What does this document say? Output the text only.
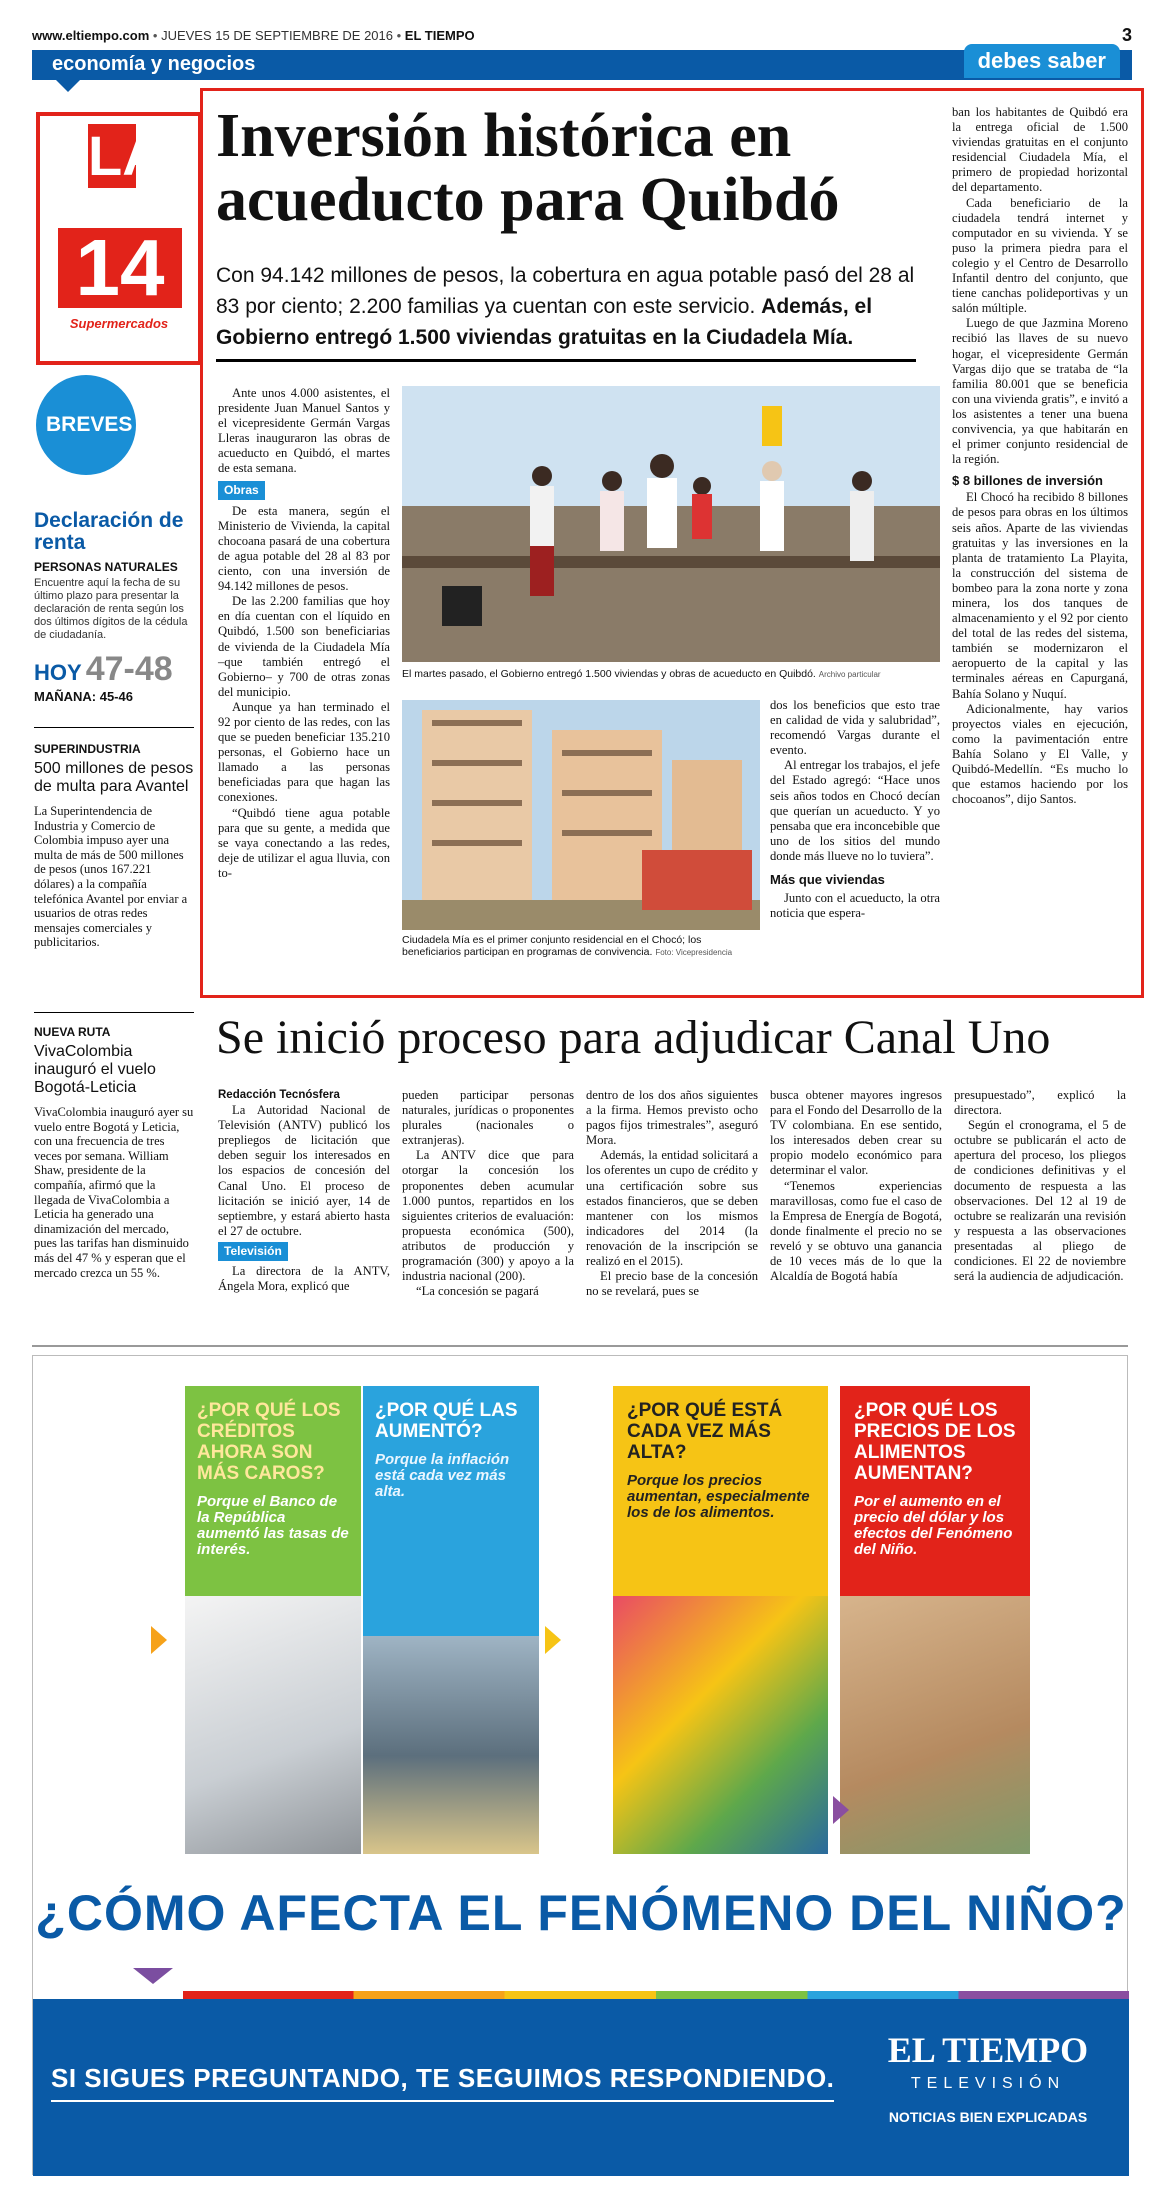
www.eltiempo.com • JUEVES 15 DE SEPTIEMBRE DE 2016 • EL TIEMPO	3
economía y negocios	debes saber
LA
14
Supermercados
BREVES
Declaración de renta
PERSONAS NATURALES
Encuentre aquí la fecha de su último plazo para presentar la declaración de renta según los dos últimos dígitos de la cédula de ciudadanía.
HOY 47-48
MAÑANA: 45-46
SUPERINDUSTRIA
500 millones de pesos de multa para Avantel
La Superintendencia de Industria y Comercio de Colombia impuso ayer una multa de más de 500 millones de pesos (unos 167.221 dólares) a la compañía telefónica Avantel por enviar a usuarios de otras redes mensajes comerciales y publicitarios.
NUEVA RUTA
VivaColombia inauguró el vuelo Bogotá-Leticia
VivaColombia inauguró ayer su vuelo entre Bogotá y Leticia, con una frecuencia de tres veces por semana. William Shaw, presidente de la compañía, afirmó que la llegada de VivaColombia a Leticia ha generado una dinamización del mercado, pues las tarifas han disminuido más del 47 % y esperan que el mercado crezca un 55 %.
Inversión histórica en acueducto para Quibdó
Con 94.142 millones de pesos, la cobertura en agua potable pasó del 28 al 83 por ciento; 2.200 familias ya cuentan con este servicio. Además, el Gobierno entregó 1.500 viviendas gratuitas en la Ciudadela Mía.

Ante unos 4.000 asistentes, el presidente Juan Manuel Santos y el vicepresidente Germán Vargas Lleras inauguraron las obras de acueducto en Quibdó, el martes de esta semana.

Obras

De esta manera, según el Ministerio de Vivienda, la capital chocoana pasará de una cobertura de agua potable del 28 al 83 por ciento, con una inversión de 94.142 millones de pesos.

De las 2.200 familias que hoy en día cuentan con el líquido en Quibdó, 1.500 son beneficiarias de vivienda de la Ciudadela Mía –que también entregó el Gobierno– y 700 de otras zonas del municipio.

Aunque ya han terminado el 92 por ciento de las redes, con las que se pueden beneficiar 135.210 personas, el Gobierno hace un llamado a las personas beneficiadas para que hagan las conexiones.

“Quibdó tiene agua potable para que su gente, a medida que se vaya conectando a las redes, deje de utilizar el agua lluvia, con to-

El martes pasado, el Gobierno entregó 1.500 viviendas y obras de acueducto en Quibdó. Archivo particular
Ciudadela Mía es el primer conjunto residencial en el Chocó; los beneficiarios participan en programas de convivencia. Foto: Vicepresidencia

dos los beneficios que esto trae en calidad de vida y salubridad”, recomendó Vargas durante el evento.

Al entregar los trabajos, el jefe del Estado agregó: “Hace unos seis años todos en Chocó decían que querían un acueducto. Y yo pensaba que era inconcebible que uno de los sitios del mundo donde más llueve no lo tuviera”.

Más que viviendas

Junto con el acueducto, la otra noticia que espera-

ban los habitantes de Quibdó era la entrega oficial de 1.500 viviendas gratuitas en el conjunto residencial Ciudadela Mía, el primero de propiedad horizontal del departamento.

Cada beneficiario de la ciudadela tendrá internet y computador en su vivienda. Y se puso la primera piedra para el colegio y el Centro de Desarrollo Infantil dentro del conjunto, que tiene canchas polideportivas y un salón múltiple.

Luego de que Jazmina Moreno recibió las llaves de su nuevo hogar, el vicepresidente Germán Vargas dijo que se trataba de “la familia 80.001 que se beneficia con una vivienda gratis”, e invitó a los asistentes a tener una buena convivencia, ya que habitarán en el primer conjunto residencial de la región.

$ 8 billones de inversión

El Chocó ha recibido 8 billones de pesos para obras en los últimos seis años. Aparte de las viviendas gratuitas y las inversiones en la planta de tratamiento La Playita, la construcción del sistema de bombeo para la zona norte y zona minera, los dos tanques de almacenamiento y el 92 por ciento del total de las redes del sistema, también se modernizaron el aeropuerto de la capital y las terminales aéreas en Capurganá, Bahía Solano y Nuquí.

Adicionalmente, hay varios proyectos viales en ejecución, como la pavimentación entre Bahía Solano y El Valle, y Quibdó-Medellín. “Es mucho lo que estamos haciendo por los chocoanos”, dijo Santos.

Se inició proceso para adjudicar Canal Uno
Redacción Tecnósfera

La Autoridad Nacional de Televisión (ANTV) publicó los prepliegos de licitación que deben seguir los interesados en los espacios de concesión del Canal Uno. El proceso de licitación se inició ayer, 14 de septiembre, y estará abierto hasta el 27 de octubre.

Televisión

La directora de la ANTV, Ángela Mora, explicó que

pueden participar personas naturales, jurídicas o proponentes plurales (nacionales o extranjeras).

La ANTV dice que para otorgar la concesión los proponentes deben acumular 1.000 puntos, repartidos en los siguientes criterios de evaluación: propuesta económica (500), atributos de producción y programación (300) y apoyo a la industria nacional (200).

“La concesión se pagará

dentro de los dos años siguientes a la firma. Hemos previsto ocho pagos fijos trimestrales”, aseguró Mora.

Además, la entidad solicitará a los oferentes un cupo de crédito y una certificación sobre sus estados financieros, que se deben mantener con los mismos indicadores del 2014 (la renovación de la inscripción se realizó en el 2015).

El precio base de la concesión no se revelará, pues se

busca obtener mayores ingresos para el Fondo del Desarrollo de la TV colombiana. En ese sentido, los interesados deben crear su propio modelo económico para determinar el valor.

“Tenemos experiencias maravillosas, como fue el caso de la Empresa de Energía de Bogotá, donde finalmente el precio no se reveló y se obtuvo una ganancia de 10 veces más de lo que la Alcaldía de Bogotá había

presupuestado”, explicó la directora.

Según el cronograma, el 5 de octubre se publicarán el acto de apertura del proceso, los pliegos de condiciones definitivas y el documento de respuesta a las observaciones. Del 12 al 19 de octubre se realizarán una revisión y respuesta a las observaciones presentadas al pliego de condiciones. El 22 de noviembre será la audiencia de adjudicación.

¿POR QUÉ LOS CRÉDITOS AHORA SON MÁS CAROS?
Porque el Banco de la República aumentó las tasas de interés.
¿POR QUÉ LAS AUMENTÓ?
Porque la inflación está cada vez más alta.
¿POR QUÉ ESTÁ CADA VEZ MÁS ALTA?
Porque los precios aumentan, especialmente los de los alimentos.
¿POR QUÉ LOS PRECIOS DE LOS ALIMENTOS AUMENTAN?
Por el aumento en el precio del dólar y los efectos del Fenómeno del Niño.
¿CÓMO AFECTA EL FENÓMENO DEL NIÑO?
SI SIGUES PREGUNTANDO, TE SEGUIMOS RESPONDIENDO.
EL TIEMPO
TELEVISIÓN
NOTICIAS BIEN EXPLICADAS
